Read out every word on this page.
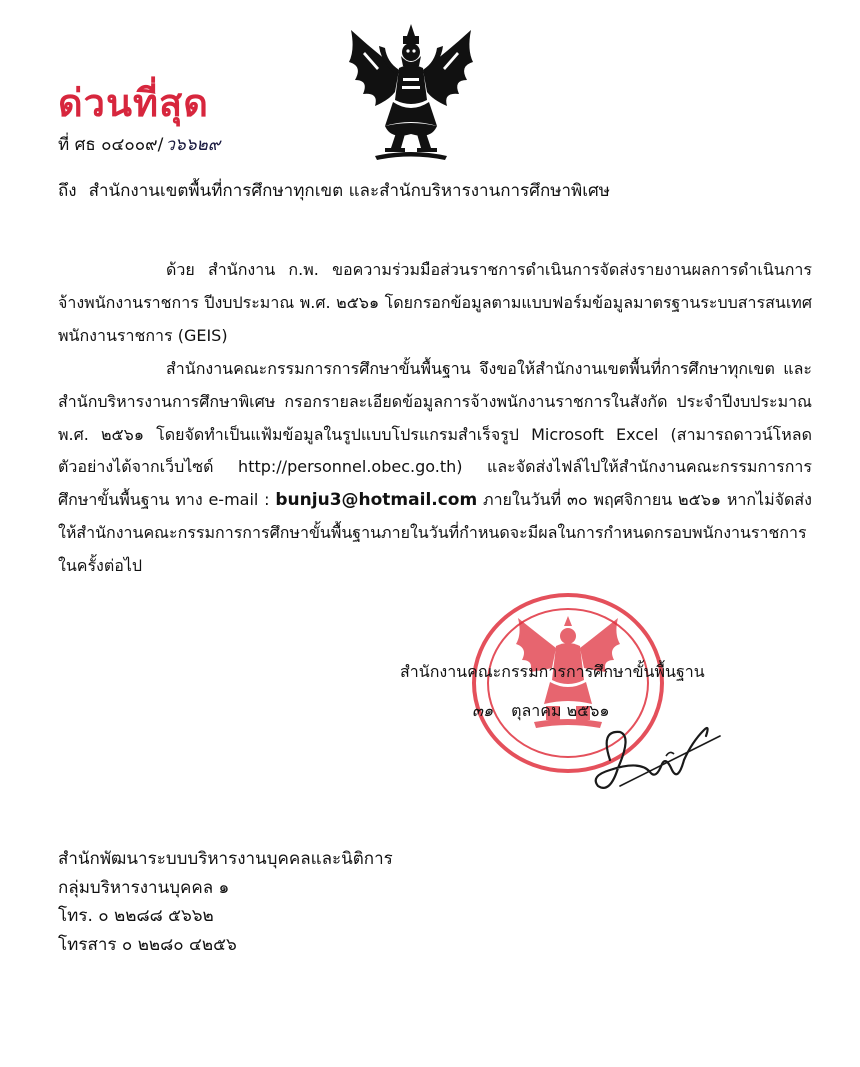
ด่วนที่สุด
ที่ ศธ ๐๔๐๐๙/ ว๖๖๒๙
ถึง สำนักงานเขตพื้นที่การศึกษาทุกเขต และสำนักบริหารงานการศึกษาพิเศษ

ด้วย สำนักงาน ก.พ. ขอความร่วมมือส่วนราชการดำเนินการจัดส่งรายงานผลการดำเนินการจ้างพนักงานราชการ ปีงบประมาณ พ.ศ. ๒๕๖๑ โดยกรอกข้อมูลตามแบบฟอร์มข้อมูลมาตรฐานระบบสารสนเทศพนักงานราชการ (GEIS)

สำนักงานคณะกรรมการการศึกษาขั้นพื้นฐาน จึงขอให้สำนักงานเขตพื้นที่การศึกษาทุกเขต และสำนักบริหารงานการศึกษาพิเศษ กรอกรายละเอียดข้อมูลการจ้างพนักงานราชการในสังกัด ประจำปีงบประมาณ พ.ศ. ๒๕๖๑ โดยจัดทำเป็นแฟ้มข้อมูลในรูปแบบโปรแกรมสำเร็จรูป Microsoft Excel (สามารถดาวน์โหลดตัวอย่างได้จากเว็บไซด์ http://personnel.obec.go.th) และจัดส่งไฟล์ไปให้สำนักงานคณะกรรมการการศึกษาขั้นพื้นฐาน ทาง e-mail : bunju3@hotmail.com ภายในวันที่ ๓๐ พฤศจิกายน ๒๕๖๑ หากไม่จัดส่งให้สำนักงานคณะกรรมการการศึกษาขั้นพื้นฐานภายในวันที่กำหนดจะมีผลในการกำหนดกรอบพนักงานราชการในครั้งต่อไป

สำนักงานคณะกรรมการการศึกษาขั้นพื้นฐาน
๓๑ ตุลาคม ๒๕๖๑
สำนักพัฒนาระบบบริหารงานบุคคลและนิติการ
กลุ่มบริหารงานบุคคล ๑
โทร. ๐ ๒๒๘๘ ๕๖๖๒
โทรสาร ๐ ๒๒๘๐ ๔๒๕๖
